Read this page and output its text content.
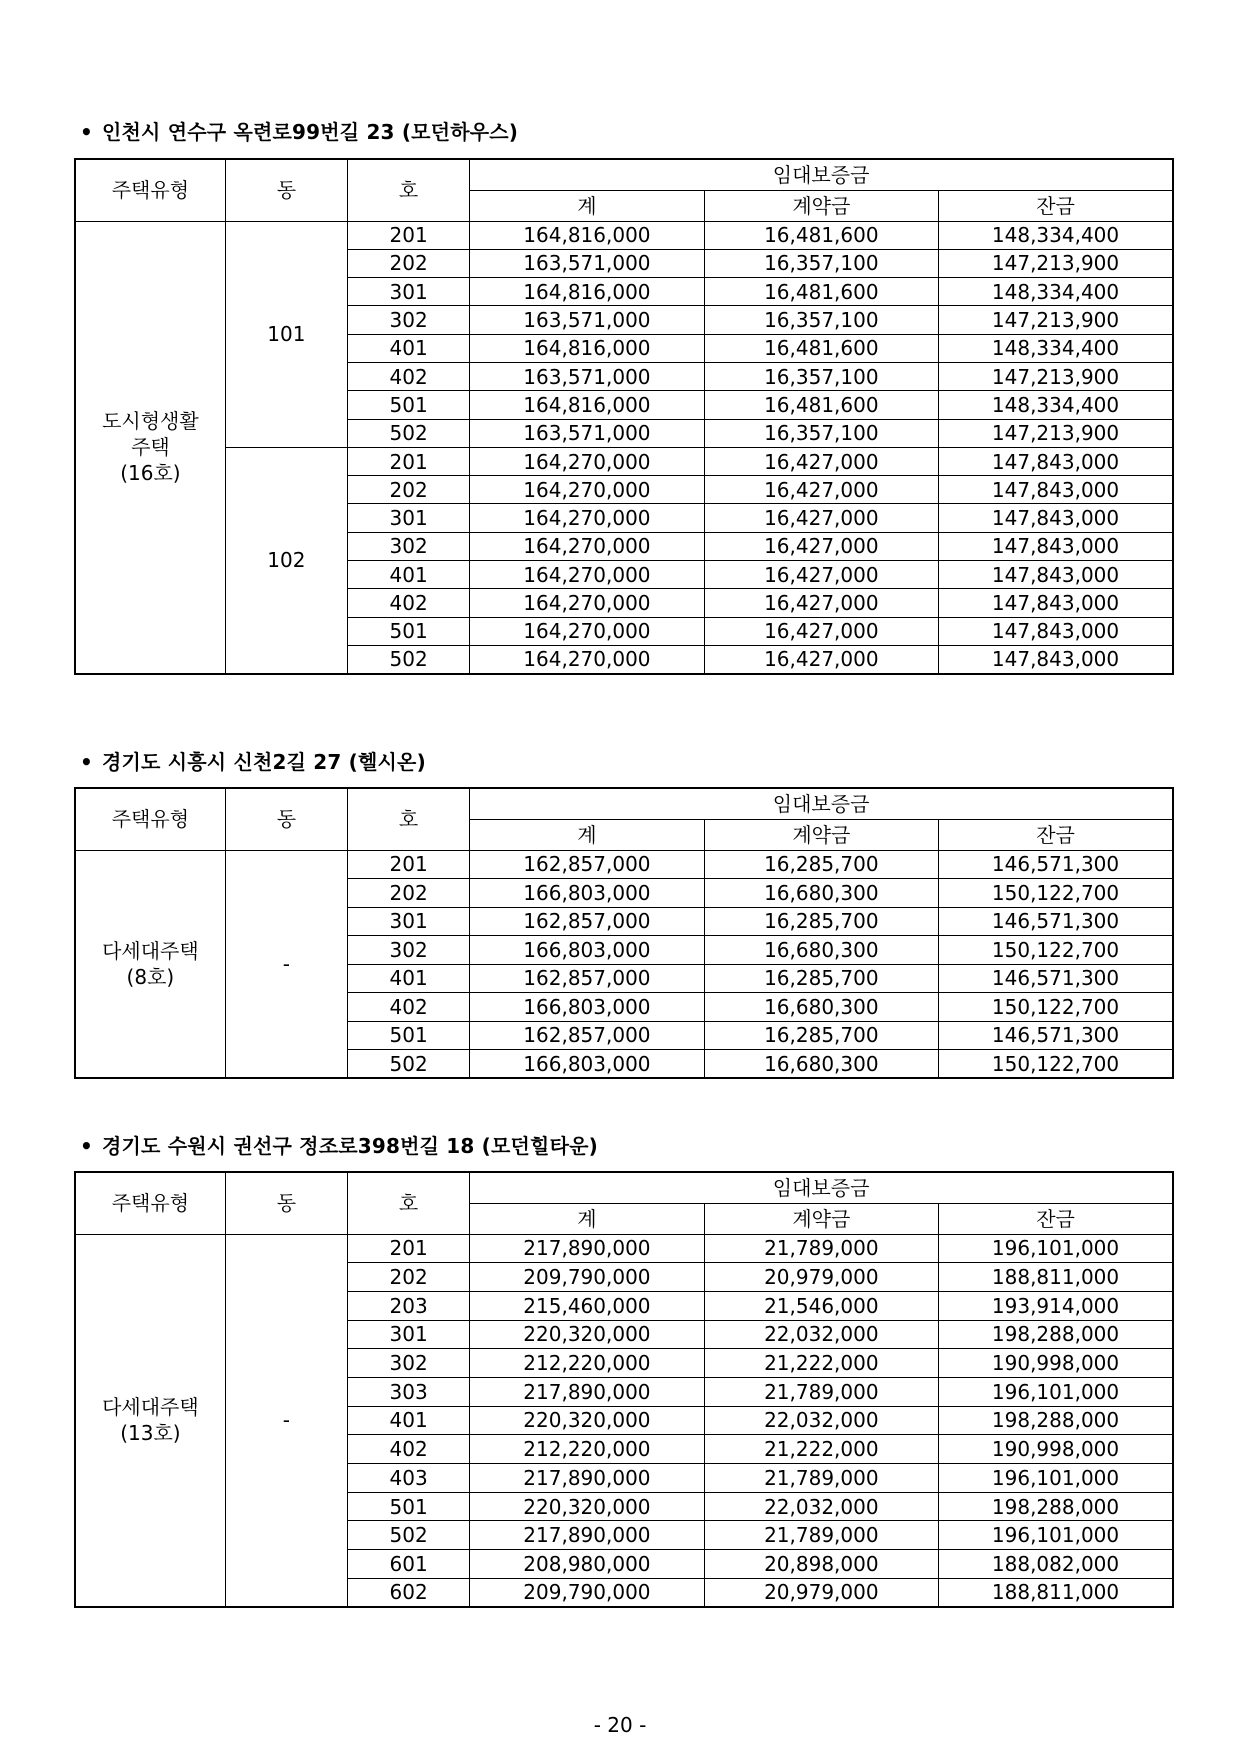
• 인천시 연수구 옥련로99번길 23 (모던하우스)
주택유형	동	호	임대보증금		
			계	계약금	잔금

도시형생활
주택
(16호)	101	201	164,816,000	16,481,600	148,334,400
		202	163,571,000	16,357,100	147,213,900
		301	164,816,000	16,481,600	148,334,400
		302	163,571,000	16,357,100	147,213,900
		401	164,816,000	16,481,600	148,334,400
		402	163,571,000	16,357,100	147,213,900
		501	164,816,000	16,481,600	148,334,400
		502	163,571,000	16,357,100	147,213,900
	102	201	164,270,000	16,427,000	147,843,000
		202	164,270,000	16,427,000	147,843,000
		301	164,270,000	16,427,000	147,843,000
		302	164,270,000	16,427,000	147,843,000
		401	164,270,000	16,427,000	147,843,000
		402	164,270,000	16,427,000	147,843,000
		501	164,270,000	16,427,000	147,843,000
		502	164,270,000	16,427,000	147,843,000
• 경기도 시흥시 신천2길 27 (헬시온)
주택유형	동	호	임대보증금		
			계	계약금	잔금

다세대주택
(8호)	-	201	162,857,000	16,285,700	146,571,300
		202	166,803,000	16,680,300	150,122,700
		301	162,857,000	16,285,700	146,571,300
		302	166,803,000	16,680,300	150,122,700
		401	162,857,000	16,285,700	146,571,300
		402	166,803,000	16,680,300	150,122,700
		501	162,857,000	16,285,700	146,571,300
		502	166,803,000	16,680,300	150,122,700
• 경기도 수원시 권선구 정조로398번길 18 (모던힐타운)
주택유형	동	호	임대보증금		
			계	계약금	잔금

다세대주택
(13호)	-	201	217,890,000	21,789,000	196,101,000
		202	209,790,000	20,979,000	188,811,000
		203	215,460,000	21,546,000	193,914,000
		301	220,320,000	22,032,000	198,288,000
		302	212,220,000	21,222,000	190,998,000
		303	217,890,000	21,789,000	196,101,000
		401	220,320,000	22,032,000	198,288,000
		402	212,220,000	21,222,000	190,998,000
		403	217,890,000	21,789,000	196,101,000
		501	220,320,000	22,032,000	198,288,000
		502	217,890,000	21,789,000	196,101,000
		601	208,980,000	20,898,000	188,082,000
		602	209,790,000	20,979,000	188,811,000
- 20 -
